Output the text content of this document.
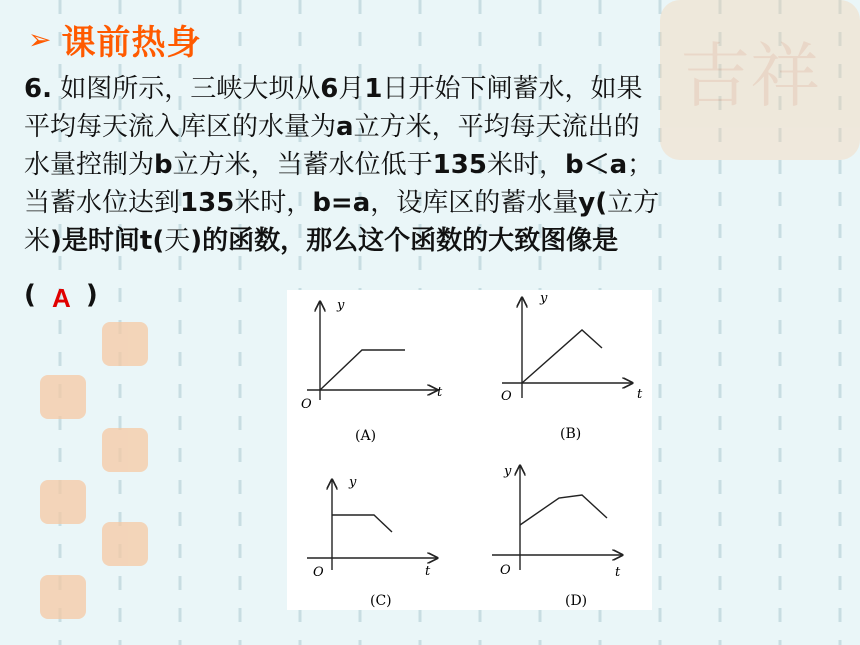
吉祥
➢ 课前热身
6. 如图所示，三峡大坝从6月1日开始下闸蓄水，如果
平均每天流入库区的水量为a立方米，平均每天流出的
水量控制为b立方米，当蓄水位低于135米时，b＜a；
当蓄水位达到135米时，b=a，设库区的蓄水量y(立方
米)是时间t(天)的函数，那么这个函数的大致图像是
( )
A	y
t
O
(A)
y
t
O
(B)
y
t
O
(C)
y
t
O
(D)
